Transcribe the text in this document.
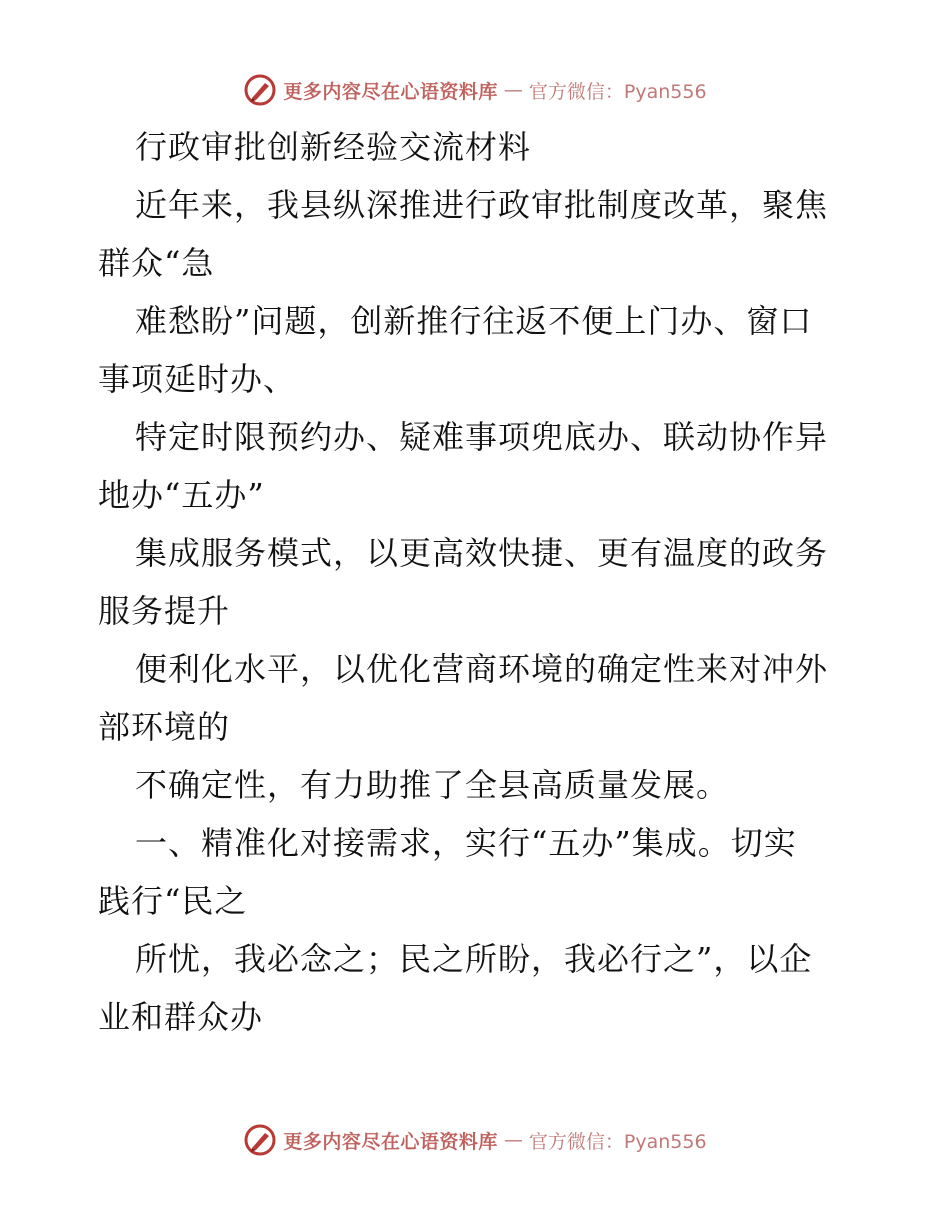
更多内容尽在心语资料库 — 官方微信：Pyan556
行政审批创新经验交流材料
近年来，我县纵深推进行政审批制度改革，聚焦
群众“急
难愁盼”问题，创新推行往返不便上门办、窗口
事项延时办、
特定时限预约办、疑难事项兜底办、联动协作异
地办“五办”
集成服务模式，以更高效快捷、更有温度的政务
服务提升
便利化水平，以优化营商环境的确定性来对冲外
部环境的
不确定性，有力助推了全县高质量发展。
一、精准化对接需求，实行“五办”集成。切实
践行“民之
所忧，我必念之；民之所盼，我必行之”，以企
业和群众办
更多内容尽在心语资料库 — 官方微信：Pyan556
